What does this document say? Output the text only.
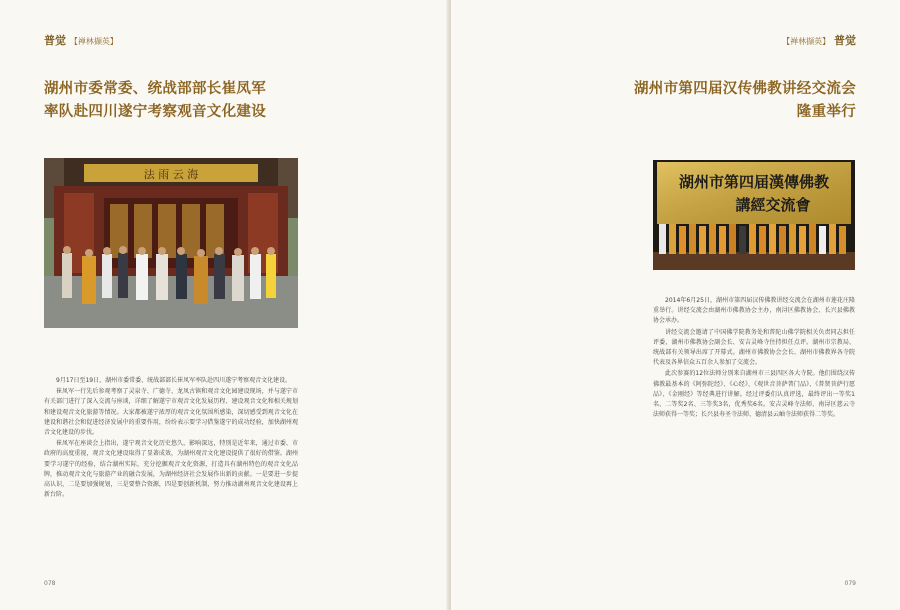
普觉 【禅林撷英】
湖州市委常委、统战部部长崔凤军
率队赴四川遂宁考察观音文化建设
法 雨 云 海

9月17日至19日，湖州市委常委、统战部部长崔凤军率队赴四川遂宁考察观音文化建设。

崔凤军一行先后参观考察了灵泉寺、广德寺、龙凤古镇和观音文化园建设现场，并与遂宁市有关部门进行了深入交流与座谈，详细了解遂宁市观音文化发展历程、建设观音文化和相关规划和建设观音文化旅游等情况。大家都被遂宁浓厚的观音文化氛围所感染，深切感受到观音文化在建设和谐社会和促进经济发展中的重要作用，纷纷表示要学习借鉴遂宁的成功经验，加快湖州观音文化建设的步伐。

崔凤军在座谈会上指出，遂宁观音文化历史悠久，影响深远，特别是近年来，通过市委、市政府的高度重视，观音文化建设取得了显著成效，为湖州观音文化建设提供了很好的借鉴。湖州要学习遂宁的经验，结合湖州实际，充分挖掘观音文化资源，打造具有湖州特色的观音文化品牌，推动观音文化与旅游产业的融合发展，为湖州经济社会发展作出新的贡献。一是要进一步提高认识，二是要加强规划，三是要整合资源，四是要创新机制，努力推动湖州观音文化建设再上新台阶。

078
【禅林撷英】 普觉
湖州市第四届汉传佛教讲经交流会
隆重举行
湖州市第四届漢傳佛教
講經交流會

2014年6月25日，湖州市第四届汉传佛教讲经交流会在湖州市莲花庄隆重举行。讲经交流会由湖州市佛教协会主办，南浔区佛教协会、长兴县佛教协会承办。

讲经交流会邀请了中国佛学院教务处和普陀山佛学院相关负责同志担任评委，湖州市佛教协会副会长、安吉灵峰寺住持担任点评。湖州市宗教局、统战部有关领导出席了开幕式。湖州市佛教协会会长、湖州市佛教界各寺院代表及各界信众五百余人参加了交流会。

此次参赛的12位法师分别来自湖州市三县四区各大寺院。他们围绕汉传佛教最基本的《阿弥陀经》、《心经》、《观世音菩萨普门品》、《普贤菩萨行愿品》、《金刚经》等经典进行讲解。经过评委们认真评选，最终评出一等奖1名、二等奖2名、三等奖3名，优秀奖6名。安吉灵峰寺法师、南浔区慈云寺法师获得一等奖；长兴县寿圣寺法师、德清县云岫寺法师获得二等奖。

079
